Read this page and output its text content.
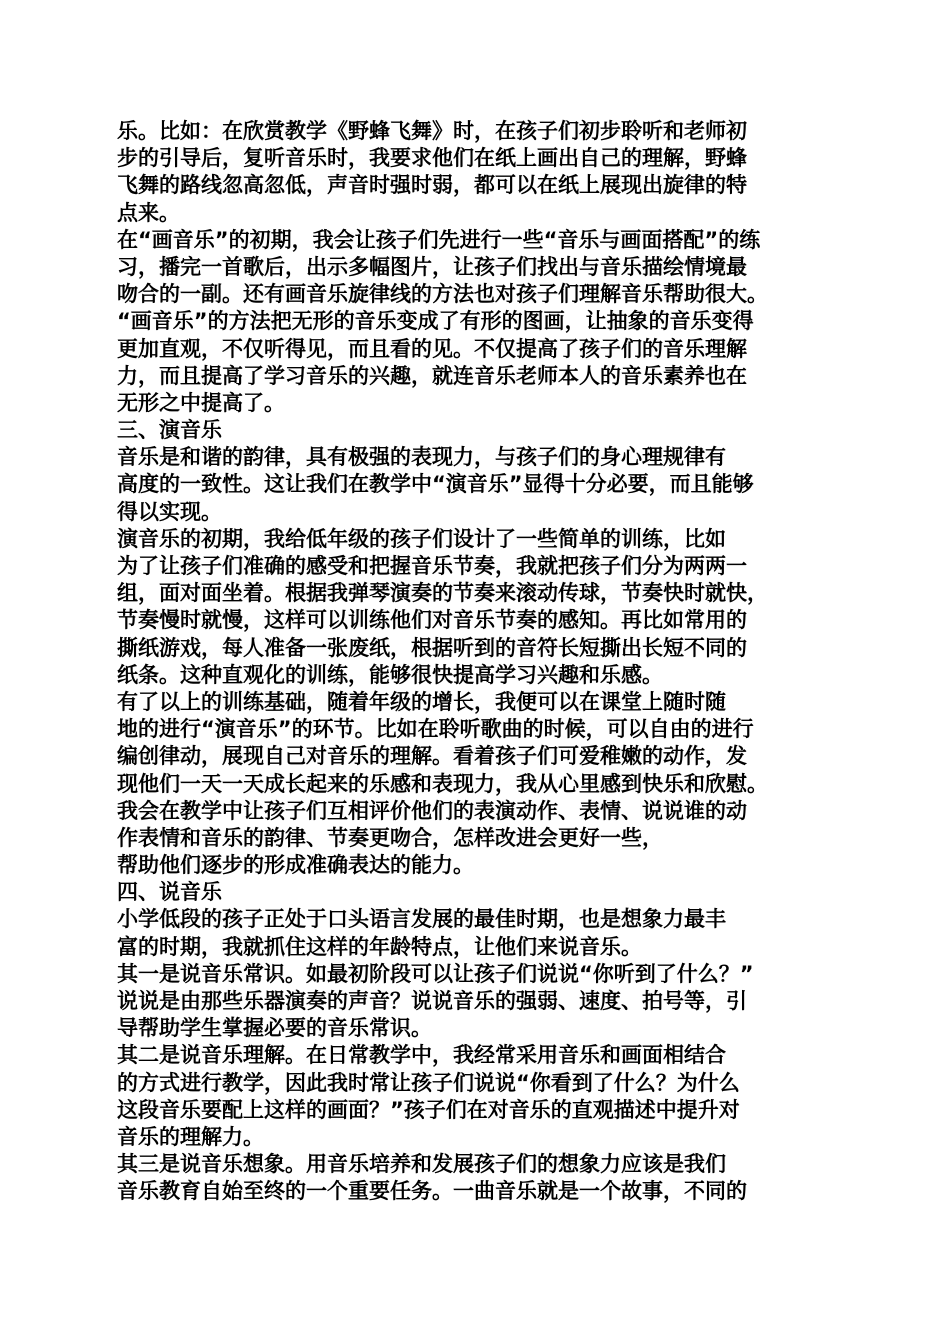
乐。比如：在欣赏教学《野蜂飞舞》时，在孩子们初步聆听和老师初
步的引导后，复听音乐时，我要求他们在纸上画出自己的理解，野蜂
飞舞的路线忽高忽低，声音时强时弱，都可以在纸上展现出旋律的特
点来。
在“画音乐”的初期，我会让孩子们先进行一些“音乐与画面搭配”的练
习，播完一首歌后，出示多幅图片，让孩子们找出与音乐描绘情境最
吻合的一副。还有画音乐旋律线的方法也对孩子们理解音乐帮助很大。
“画音乐”的方法把无形的音乐变成了有形的图画，让抽象的音乐变得
更加直观，不仅听得见，而且看的见。不仅提高了孩子们的音乐理解
力，而且提高了学习音乐的兴趣，就连音乐老师本人的音乐素养也在
无形之中提高了。
三、演音乐
音乐是和谐的韵律，具有极强的表现力，与孩子们的身心理规律有
高度的一致性。这让我们在教学中“演音乐”显得十分必要，而且能够
得以实现。
演音乐的初期，我给低年级的孩子们设计了一些简单的训练，比如
为了让孩子们准确的感受和把握音乐节奏，我就把孩子们分为两两一
组，面对面坐着。根据我弹琴演奏的节奏来滚动传球，节奏快时就快，
节奏慢时就慢，这样可以训练他们对音乐节奏的感知。再比如常用的
撕纸游戏，每人准备一张废纸，根据听到的音符长短撕出长短不同的
纸条。这种直观化的训练，能够很快提高学习兴趣和乐感。
有了以上的训练基础，随着年级的增长，我便可以在课堂上随时随
地的进行“演音乐”的环节。比如在聆听歌曲的时候，可以自由的进行
编创律动，展现自己对音乐的理解。看着孩子们可爱稚嫩的动作，发
现他们一天一天成长起来的乐感和表现力，我从心里感到快乐和欣慰。
我会在教学中让孩子们互相评价他们的表演动作、表情、说说谁的动
作表情和音乐的韵律、节奏更吻合，怎样改进会更好一些，
帮助他们逐步的形成准确表达的能力。
四、说音乐
小学低段的孩子正处于口头语言发展的最佳时期，也是想象力最丰
富的时期，我就抓住这样的年龄特点，让他们来说音乐。
其一是说音乐常识。如最初阶段可以让孩子们说说“你听到了什么？”
说说是由那些乐器演奏的声音？说说音乐的强弱、速度、拍号等，引
导帮助学生掌握必要的音乐常识。
其二是说音乐理解。在日常教学中，我经常采用音乐和画面相结合
的方式进行教学，因此我时常让孩子们说说“你看到了什么？为什么
这段音乐要配上这样的画面？”孩子们在对音乐的直观描述中提升对
音乐的理解力。
其三是说音乐想象。用音乐培养和发展孩子们的想象力应该是我们
音乐教育自始至终的一个重要任务。一曲音乐就是一个故事，不同的
